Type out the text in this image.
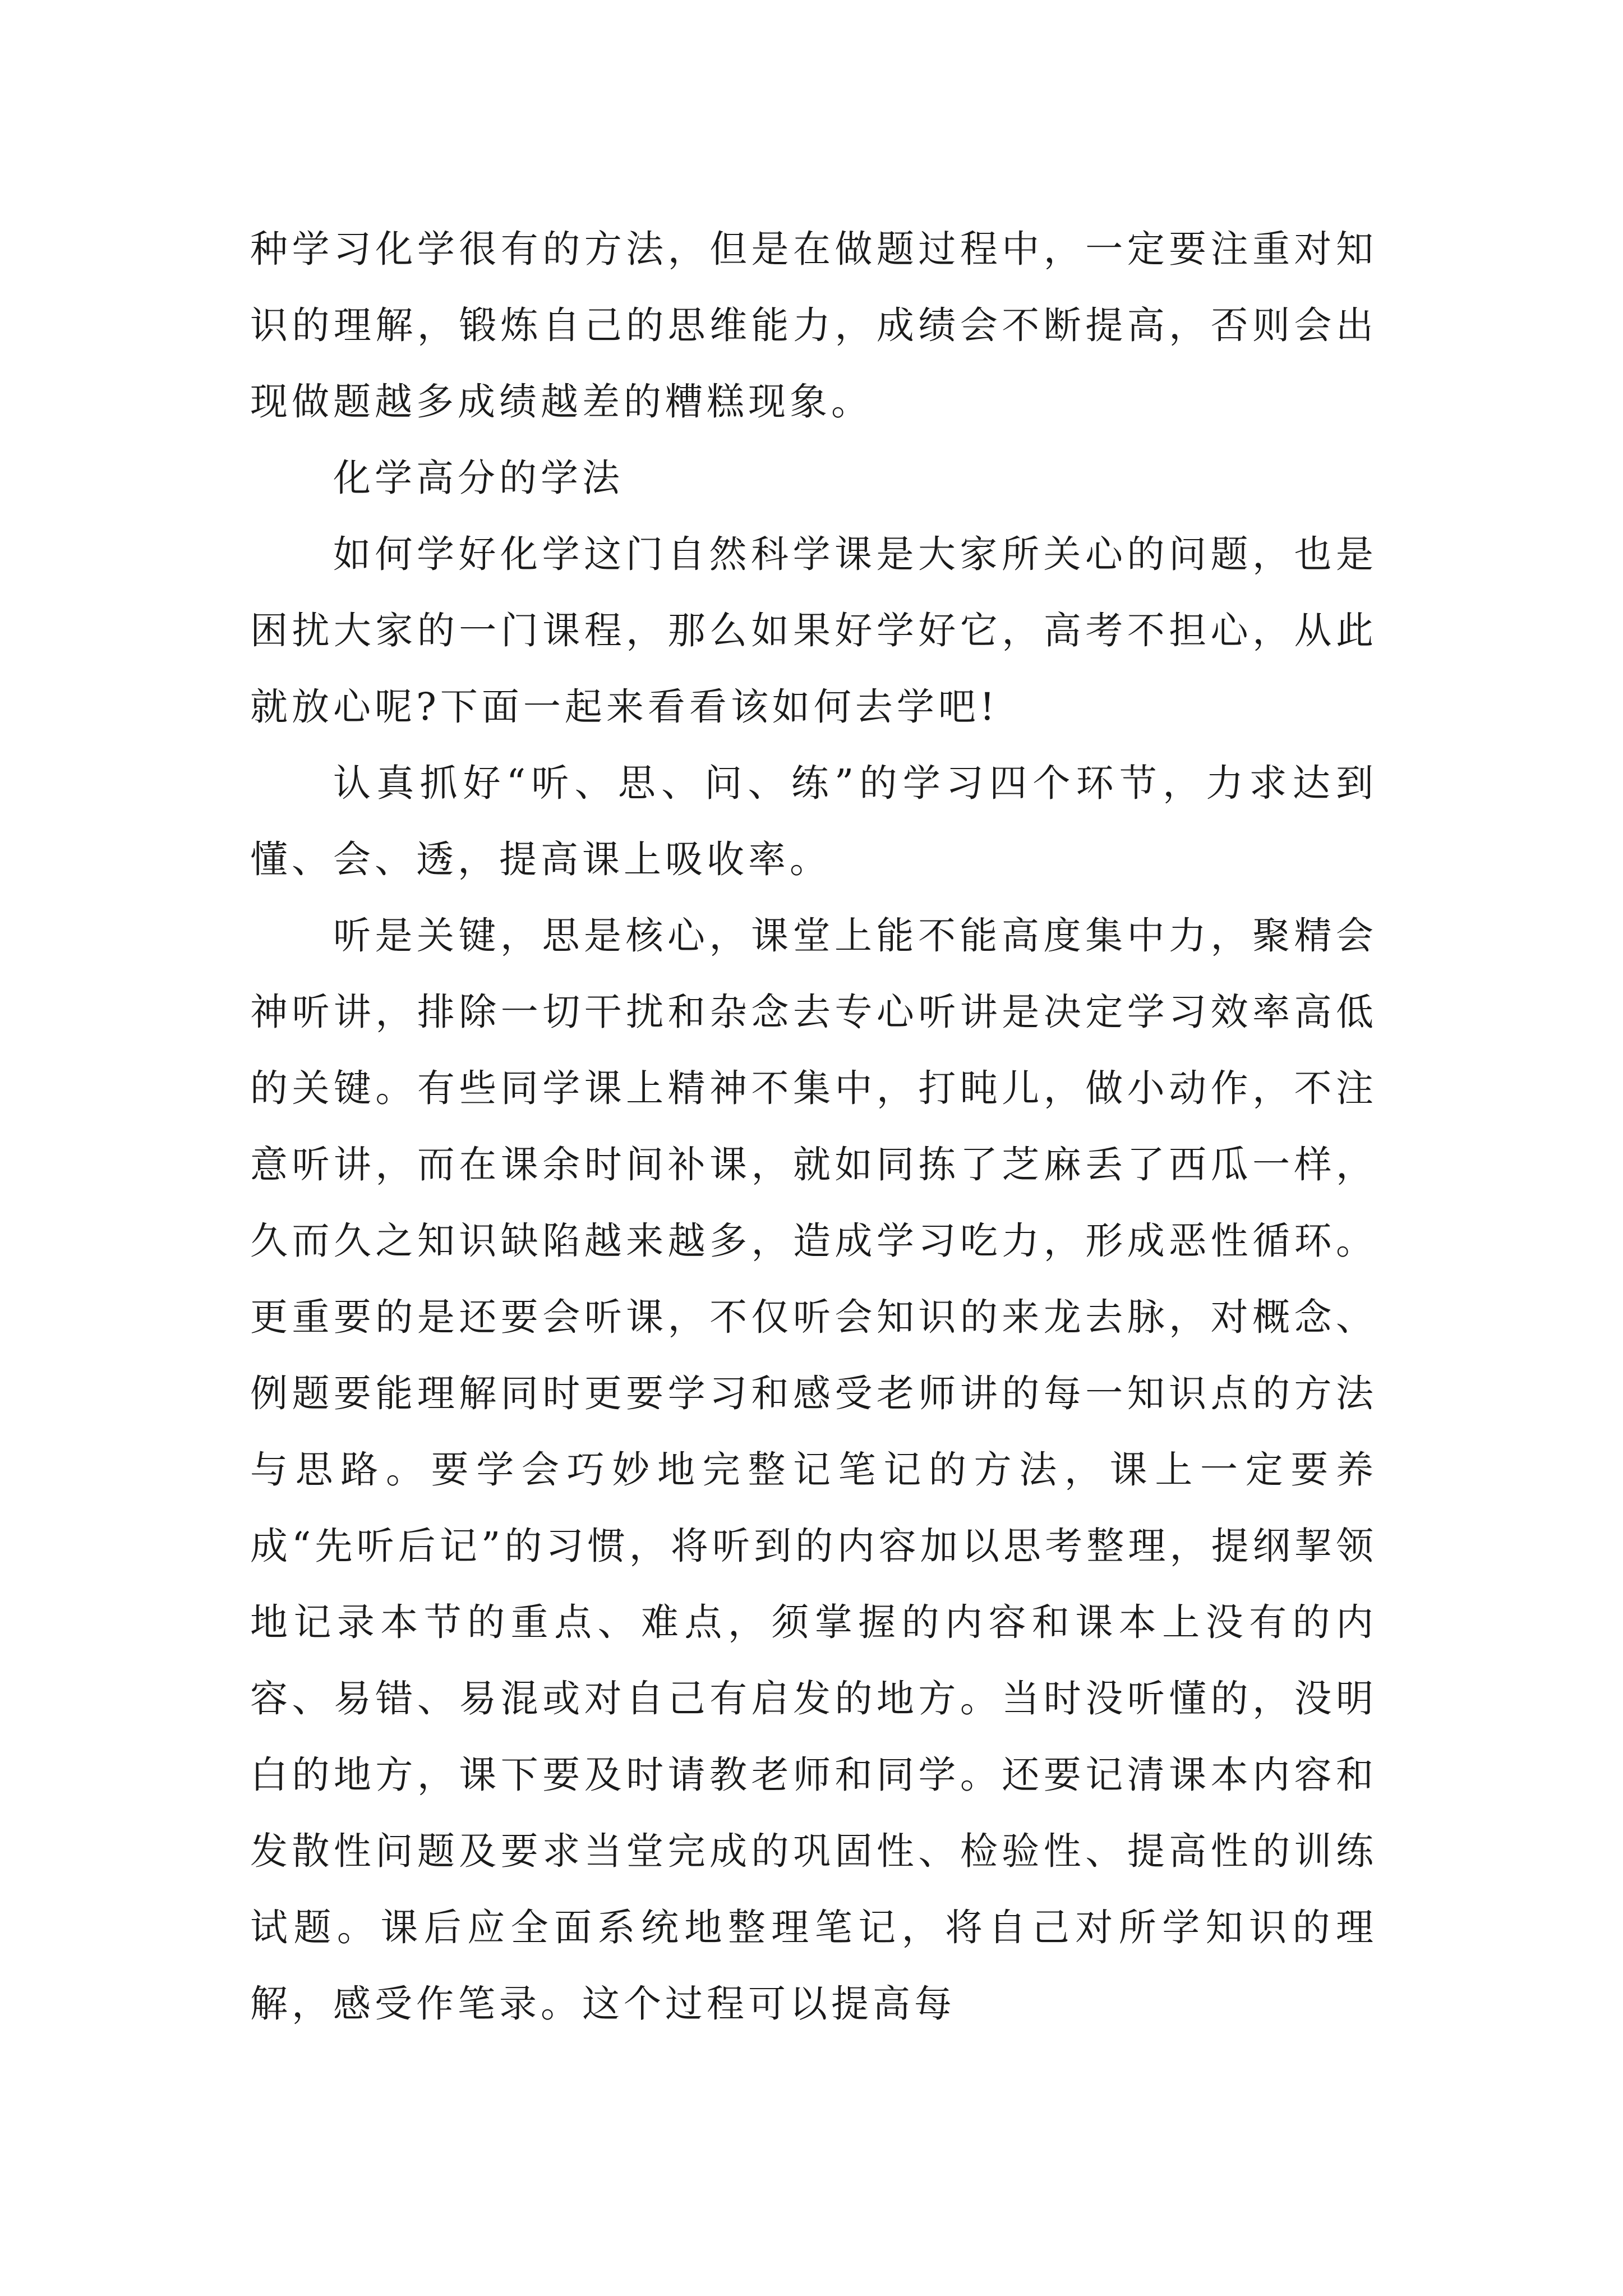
种学习化学很有的方法，但是在做题过程中，一定要注重对知识的理解，锻炼自己的思维能力，成绩会不断提高，否则会出现做题越多成绩越差的糟糕现象。

化学高分的学法

如何学好化学这门自然科学课是大家所关心的问题，也是困扰大家的一门课程，那么如果好学好它，高考不担心，从此就放心呢?下面一起来看看该如何去学吧!

认真抓好“听、思、问、练”的学习四个环节，力求达到懂、会、透，提高课上吸收率。

听是关键，思是核心，课堂上能不能高度集中力，聚精会神听讲，排除一切干扰和杂念去专心听讲是决定学习效率高低的关键。有些同学课上精神不集中，打盹儿，做小动作，不注意听讲，而在课余时间补课，就如同拣了芝麻丢了西瓜一样，久而久之知识缺陷越来越多，造成学习吃力，形成恶性循环。更重要的是还要会听课，不仅听会知识的来龙去脉，对概念、例题要能理解同时更要学习和感受老师讲的每一知识点的方法与思路。要学会巧妙地完整记笔记的方法，课上一定要养成“先听后记”的习惯，将听到的内容加以思考整理，提纲挈领地记录本节的重点、难点，须掌握的内容和课本上没有的内容、易错、易混或对自己有启发的地方。当时没听懂的，没明白的地方，课下要及时请教老师和同学。还要记清课本内容和发散性问题及要求当堂完成的巩固性、检验性、提高性的训练试题。课后应全面系统地整理笔记，将自己对所学知识的理解，感受作笔录。这个过程可以提高每
